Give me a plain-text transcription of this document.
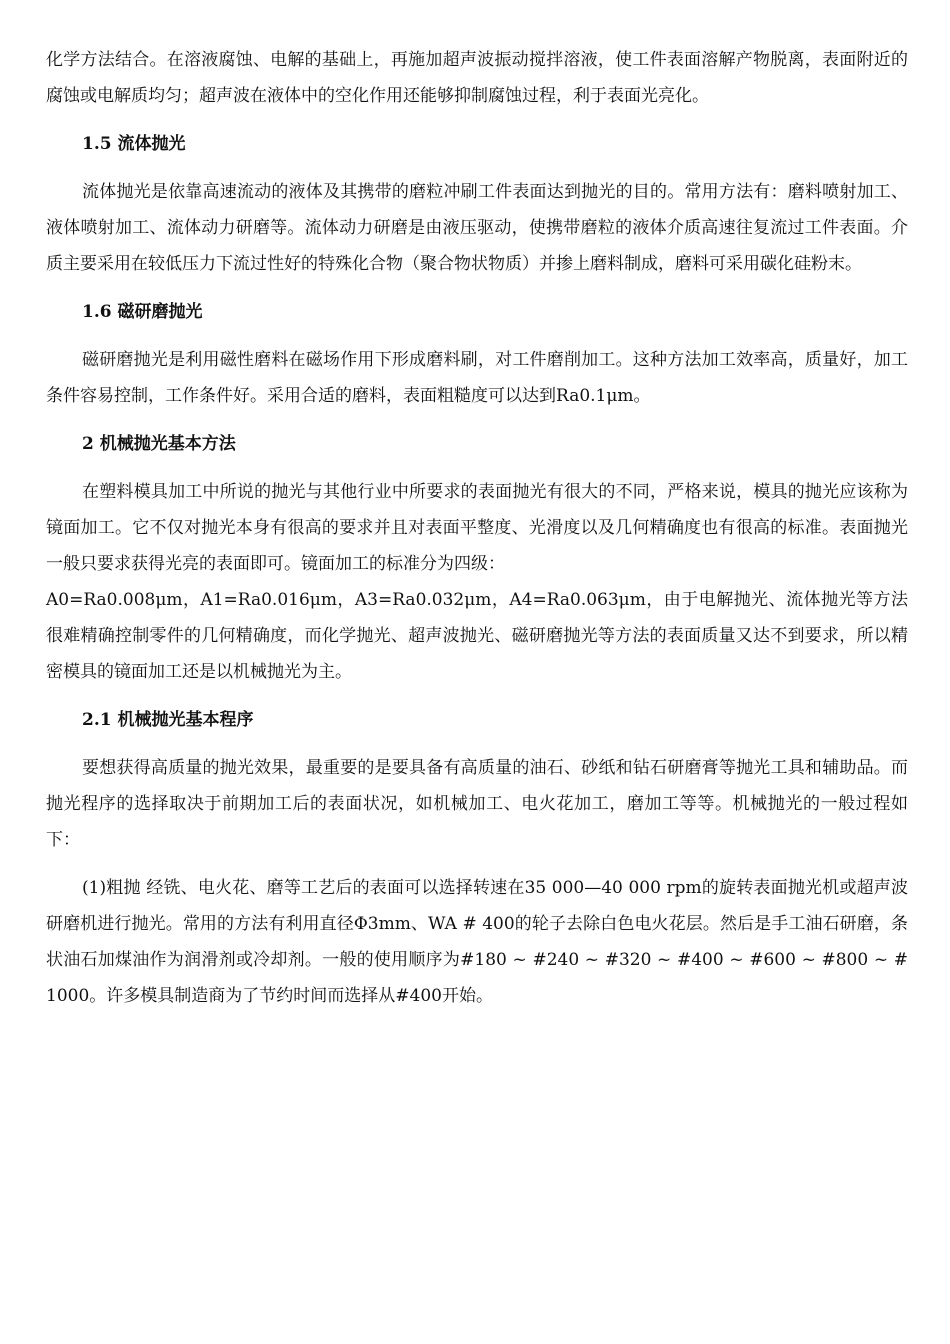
化学方法结合。在溶液腐蚀、电解的基础上，再施加超声波振动搅拌溶液，使工件表面溶解产物脱离，表面附近的腐蚀或电解质均匀；超声波在液体中的空化作用还能够抑制腐蚀过程，利于表面光亮化。

1.5 流体抛光

流体抛光是依靠高速流动的液体及其携带的磨粒冲刷工件表面达到抛光的目的。常用方法有：磨料喷射加工、液体喷射加工、流体动力研磨等。流体动力研磨是由液压驱动，使携带磨粒的液体介质高速往复流过工件表面。介质主要采用在较低压力下流过性好的特殊化合物（聚合物状物质）并掺上磨料制成，磨料可采用碳化硅粉末。

1.6 磁研磨抛光

磁研磨抛光是利用磁性磨料在磁场作用下形成磨料刷，对工件磨削加工。这种方法加工效率高，质量好，加工条件容易控制，工作条件好。采用合适的磨料，表面粗糙度可以达到Ra0.1μm。

2 机械抛光基本方法

在塑料模具加工中所说的抛光与其他行业中所要求的表面抛光有很大的不同，严格来说，模具的抛光应该称为镜面加工。它不仅对抛光本身有很高的要求并且对表面平整度、光滑度以及几何精确度也有很高的标准。表面抛光一般只要求获得光亮的表面即可。镜面加工的标准分为四级：

A0=Ra0.008μm，A1=Ra0.016μm，A3=Ra0.032μm，A4=Ra0.063μm，由于电解抛光、流体抛光等方法很难精确控制零件的几何精确度，而化学抛光、超声波抛光、磁研磨抛光等方法的表面质量又达不到要求，所以精密模具的镜面加工还是以机械抛光为主。

2.1 机械抛光基本程序

要想获得高质量的抛光效果，最重要的是要具备有高质量的油石、砂纸和钻石研磨膏等抛光工具和辅助品。而抛光程序的选择取决于前期加工后的表面状况，如机械加工、电火花加工，磨加工等等。机械抛光的一般过程如下：

(1)粗抛 经铣、电火花、磨等工艺后的表面可以选择转速在35 000—40 000 rpm的旋转表面抛光机或超声波研磨机进行抛光。常用的方法有利用直径Φ3mm、WA # 400的轮子去除白色电火花层。然后是手工油石研磨，条状油石加煤油作为润滑剂或冷却剂。一般的使用顺序为#180 ~ #240 ~ #320 ~ #400 ~ #600 ~ #800 ~ #1000。许多模具制造商为了节约时间而选择从#400开始。
